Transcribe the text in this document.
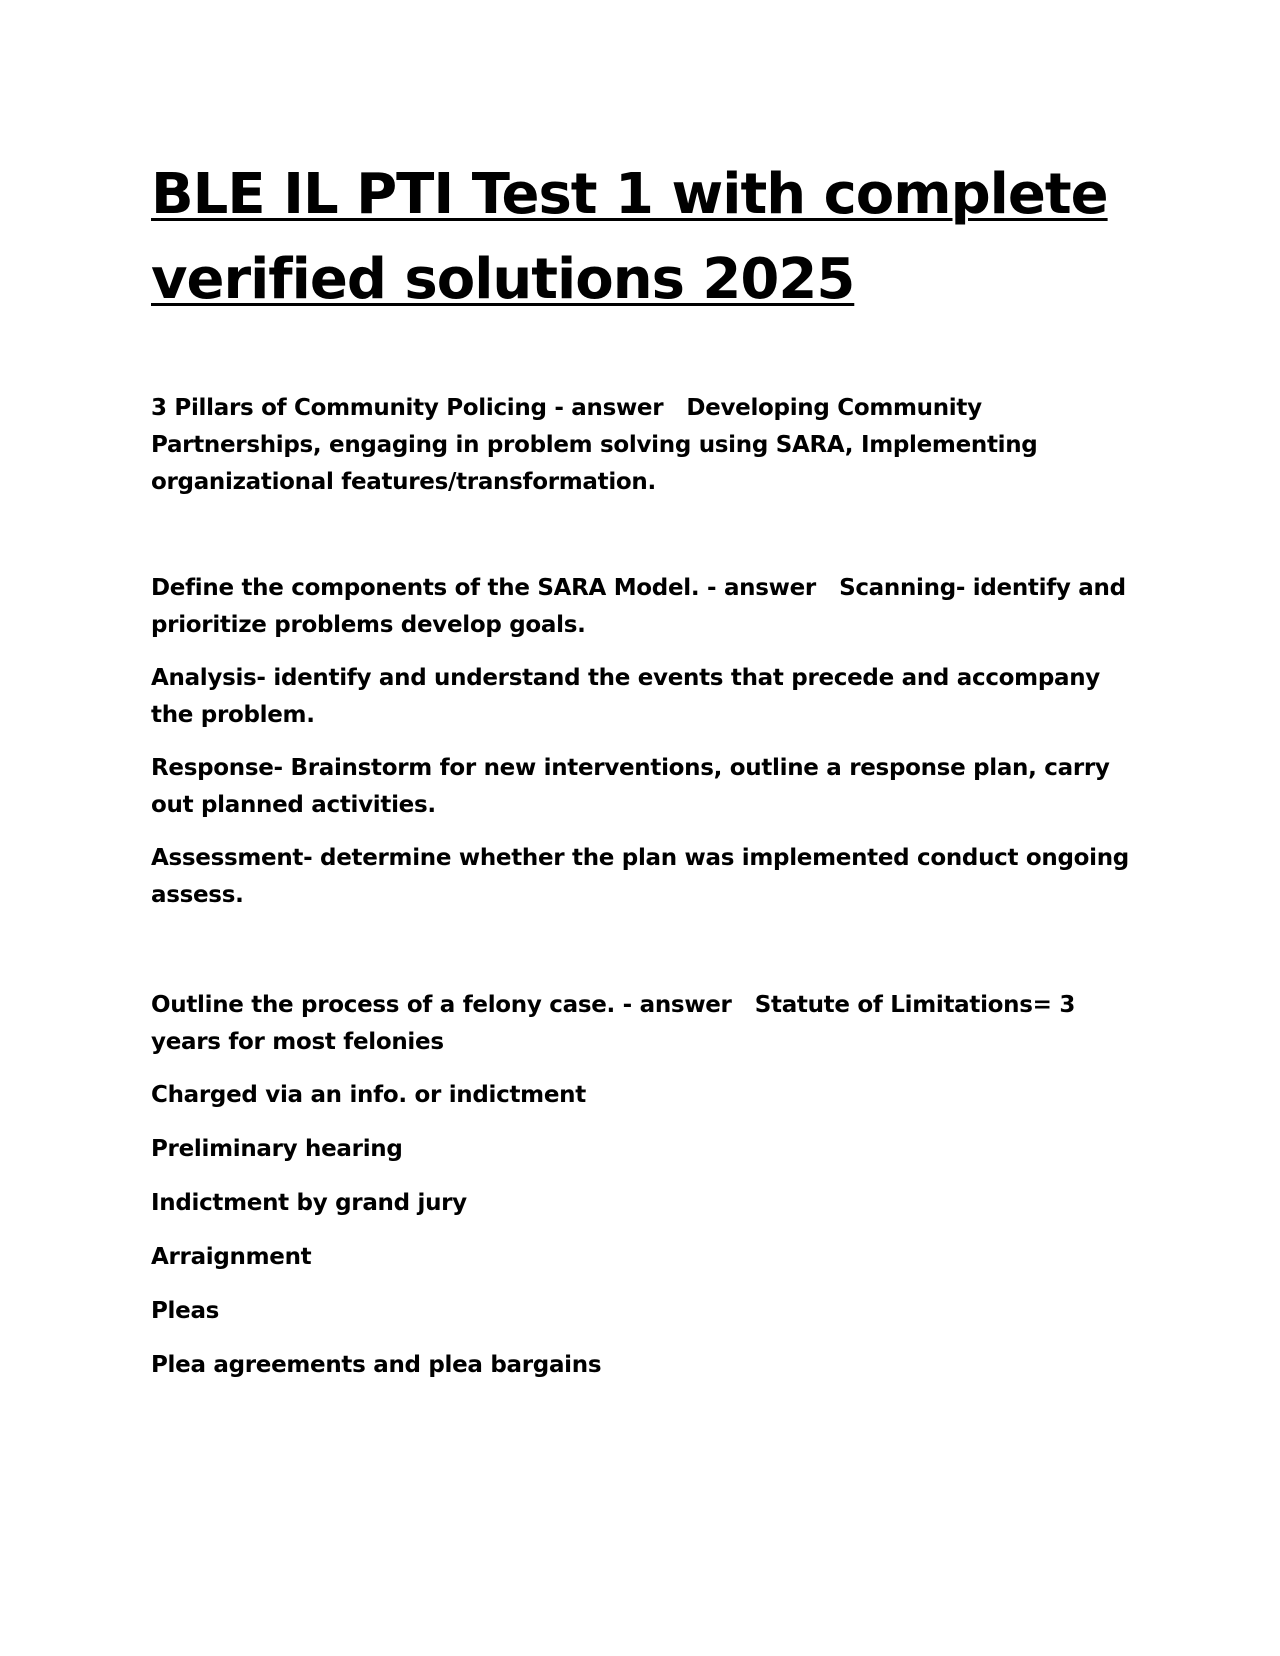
BLE IL PTI Test 1 with complete
verified solutions 2025

3 Pillars of Community Policing - answer   Developing Community Partnerships, engaging in problem solving using SARA, Implementing organizational features/transformation.

Define the components of the SARA Model. - answer   Scanning- identify and prioritize problems develop goals.

Analysis- identify and understand the events that precede and accompany the problem.

Response- Brainstorm for new interventions, outline a response plan, carry out planned activities.

Assessment- determine whether the plan was implemented conduct ongoing assess.

Outline the process of a felony case. - answer   Statute of Limitations= 3 years for most felonies

Charged via an info. or indictment

Preliminary hearing

Indictment by grand jury

Arraignment

Pleas

Plea agreements and plea bargains
